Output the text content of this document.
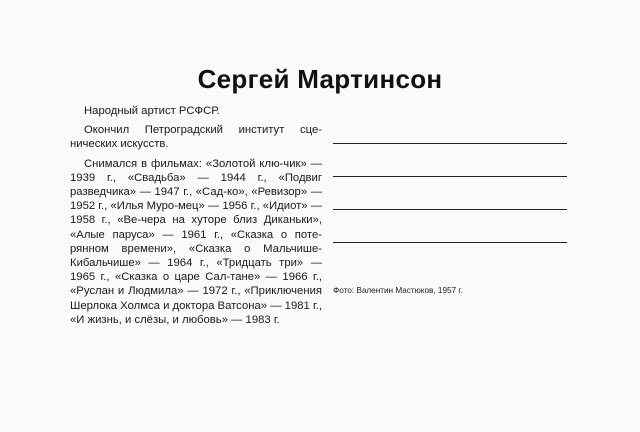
Сергей Мартинсон

Народный артист РСФСР.

Окончил Петроградский институт сце-нических искусств.

Снимался в фильмах: «Золотой клю-чик» — 1939 г., «Свадьба» — 1944 г., «Подвиг разведчика» — 1947 г., «Сад-ко», «Ревизор» — 1952 г., «Илья Муро-мец» — 1956 г., «Идиот» — 1958 г., «Ве-чера на хуторе близ Диканьки», «Алые паруса» — 1961 г., «Сказка о поте-рянном времени», «Сказка о Мальчише-Кибальчише» — 1964 г., «Тридцать три» — 1965 г., «Сказка о царе Сал-тане» — 1966 г., «Руслан и Людмила» — 1972 г., «Приключения Шерлока Холмса и доктора Ватсона» — 1981 г., «И жизнь, и слёзы, и любовь» — 1983 г.

Фото: Валентин Мастюков, 1957 г.
